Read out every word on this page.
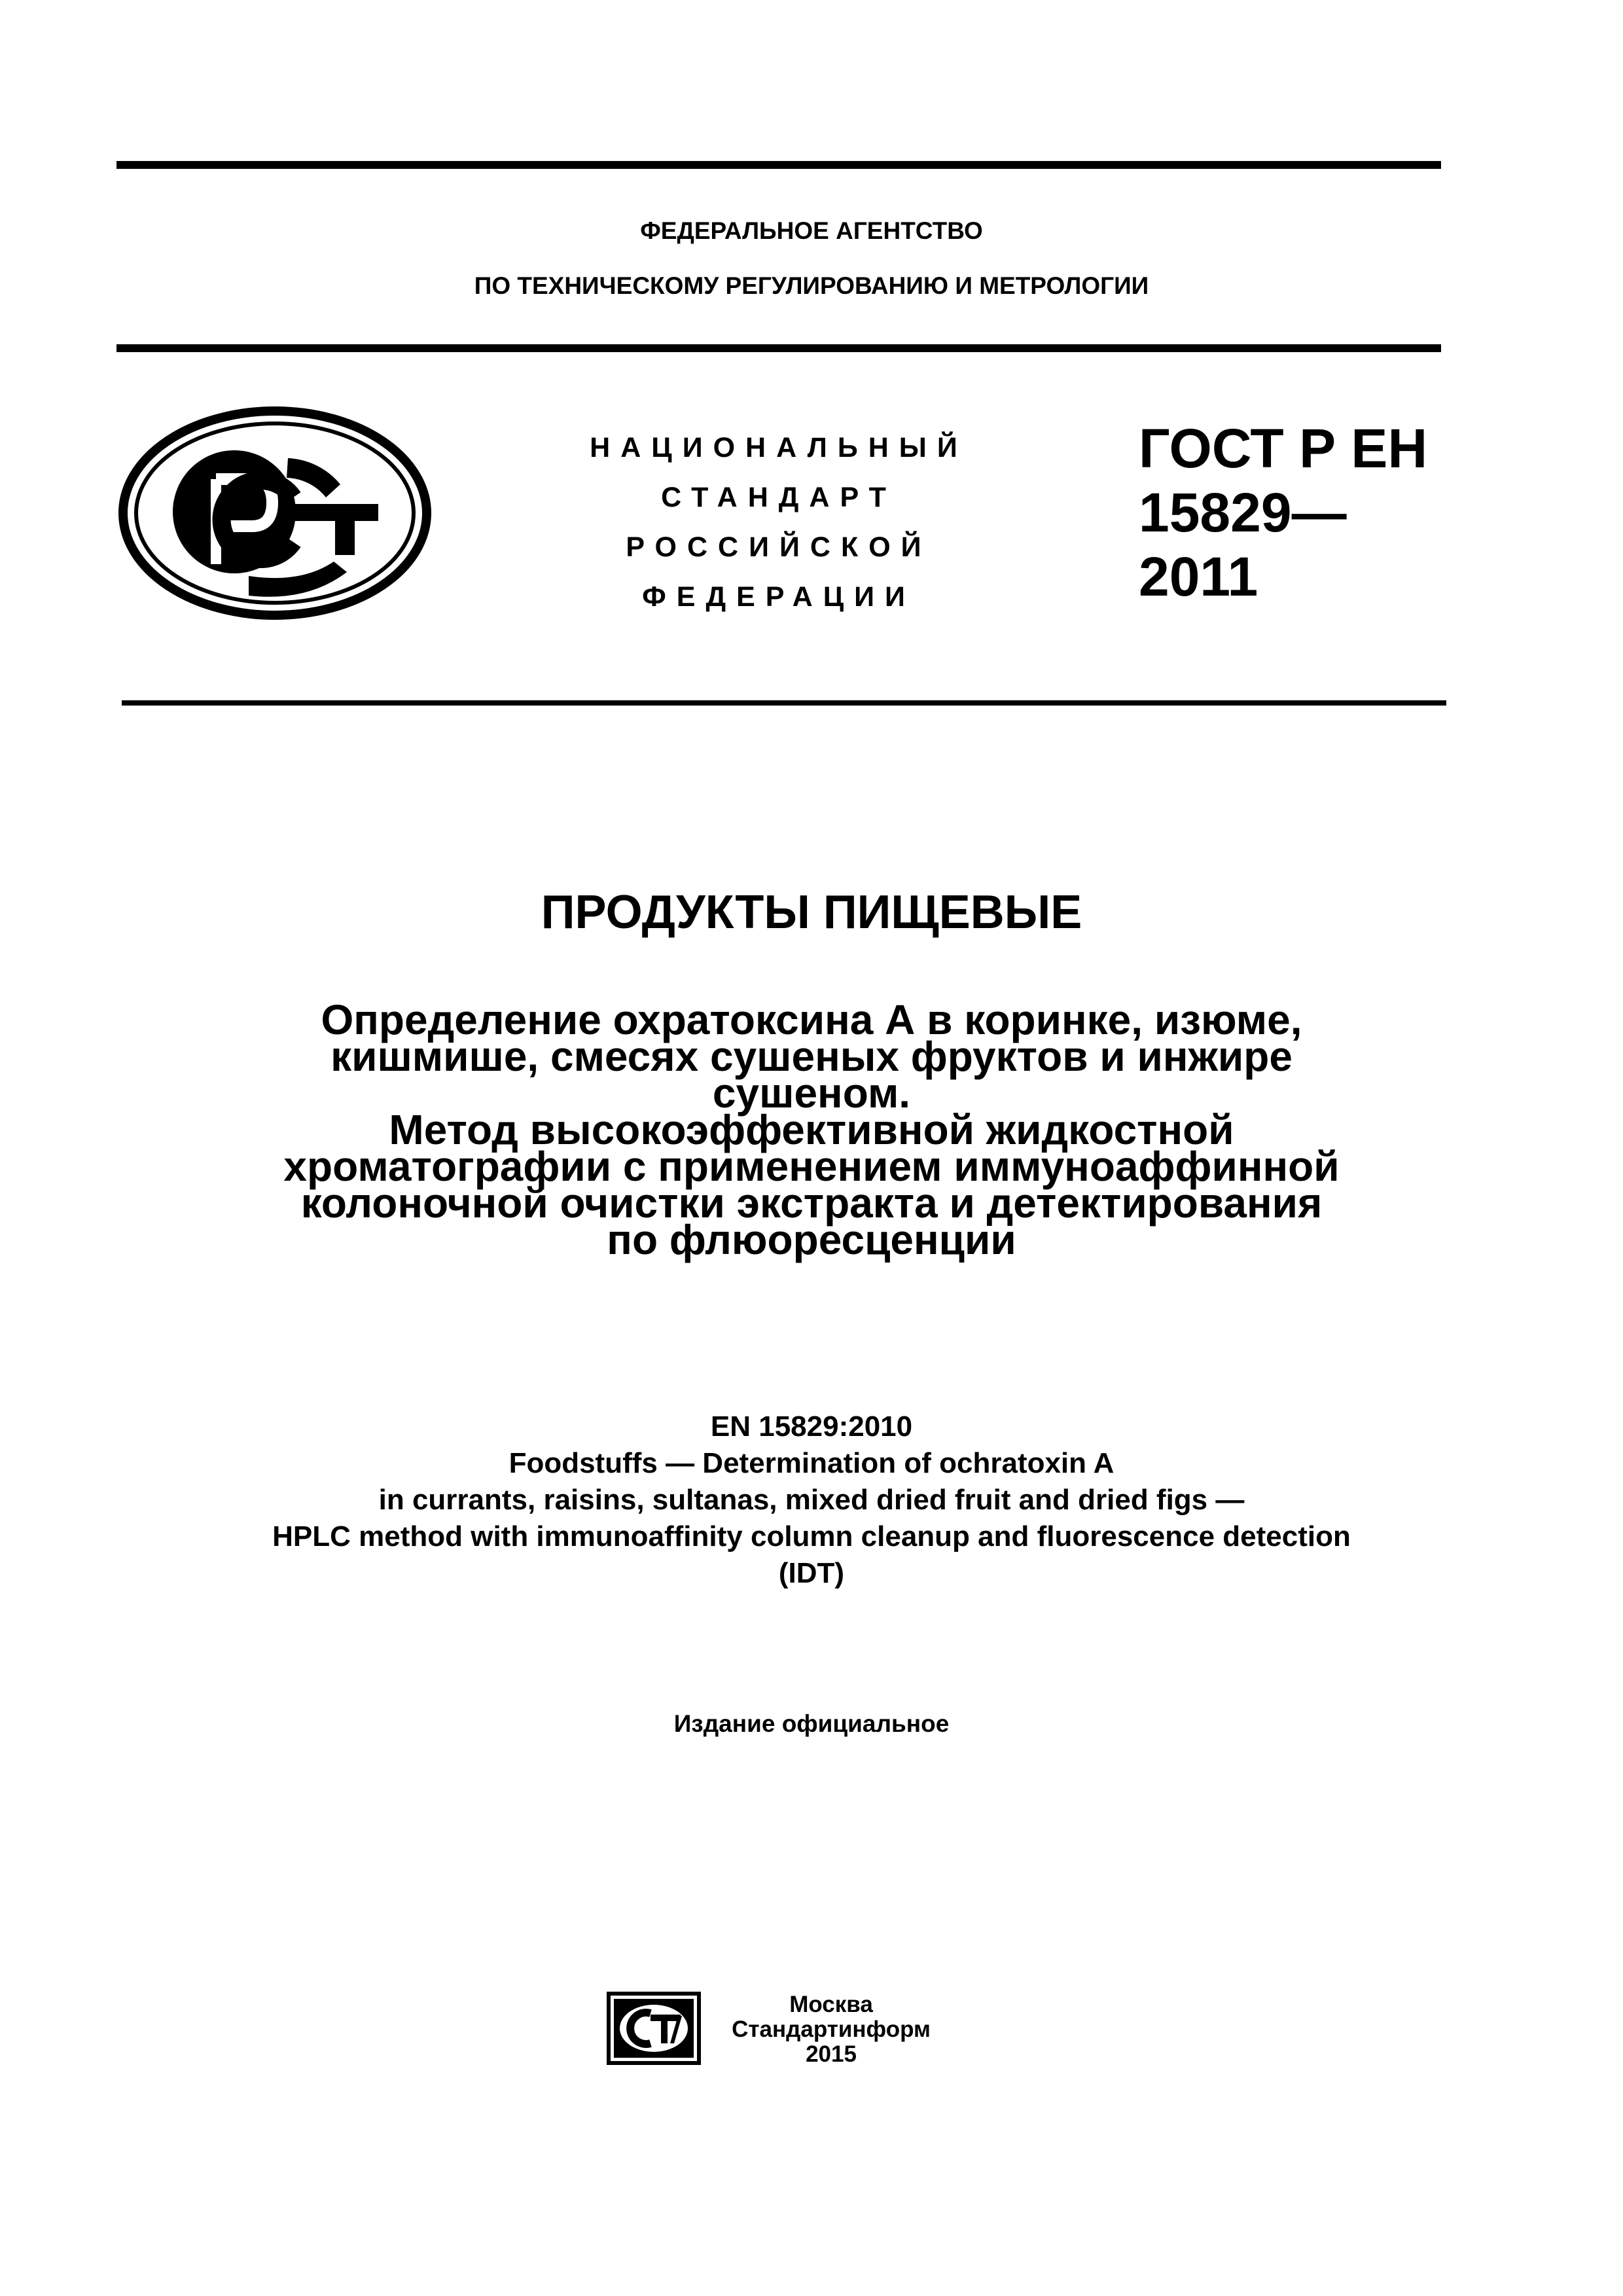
ФЕДЕРАЛЬНОЕ АГЕНТСТВО
ПО ТЕХНИЧЕСКОМУ РЕГУЛИРОВАНИЮ И МЕТРОЛОГИИ
РСТ
НАЦИОНАЛЬНЫЙ
СТАНДАРТ
РОССИЙСКОЙ
ФЕДЕРАЦИИ
ГОСТ Р ЕН
15829—
2011
ПРОДУКТЫ ПИЩЕВЫЕ
Определение охратоксина А в коринке, изюме,
кишмише, смесях сушеных фруктов и инжире
сушеном.
Метод высокоэффективной жидкостной
хроматографии с применением иммуноаффинной
колоночной очистки экстракта и детектирования
по флюоресценции
EN 15829:2010
Foodstuffs — Determination of ochratoxin A
in currants, raisins, sultanas, mixed dried fruit and dried figs —
HPLC method with immunoaffinity column cleanup and fluorescence detection
(IDT)
Издание официальное
СТИ
Москва
Стандартинформ
2015
